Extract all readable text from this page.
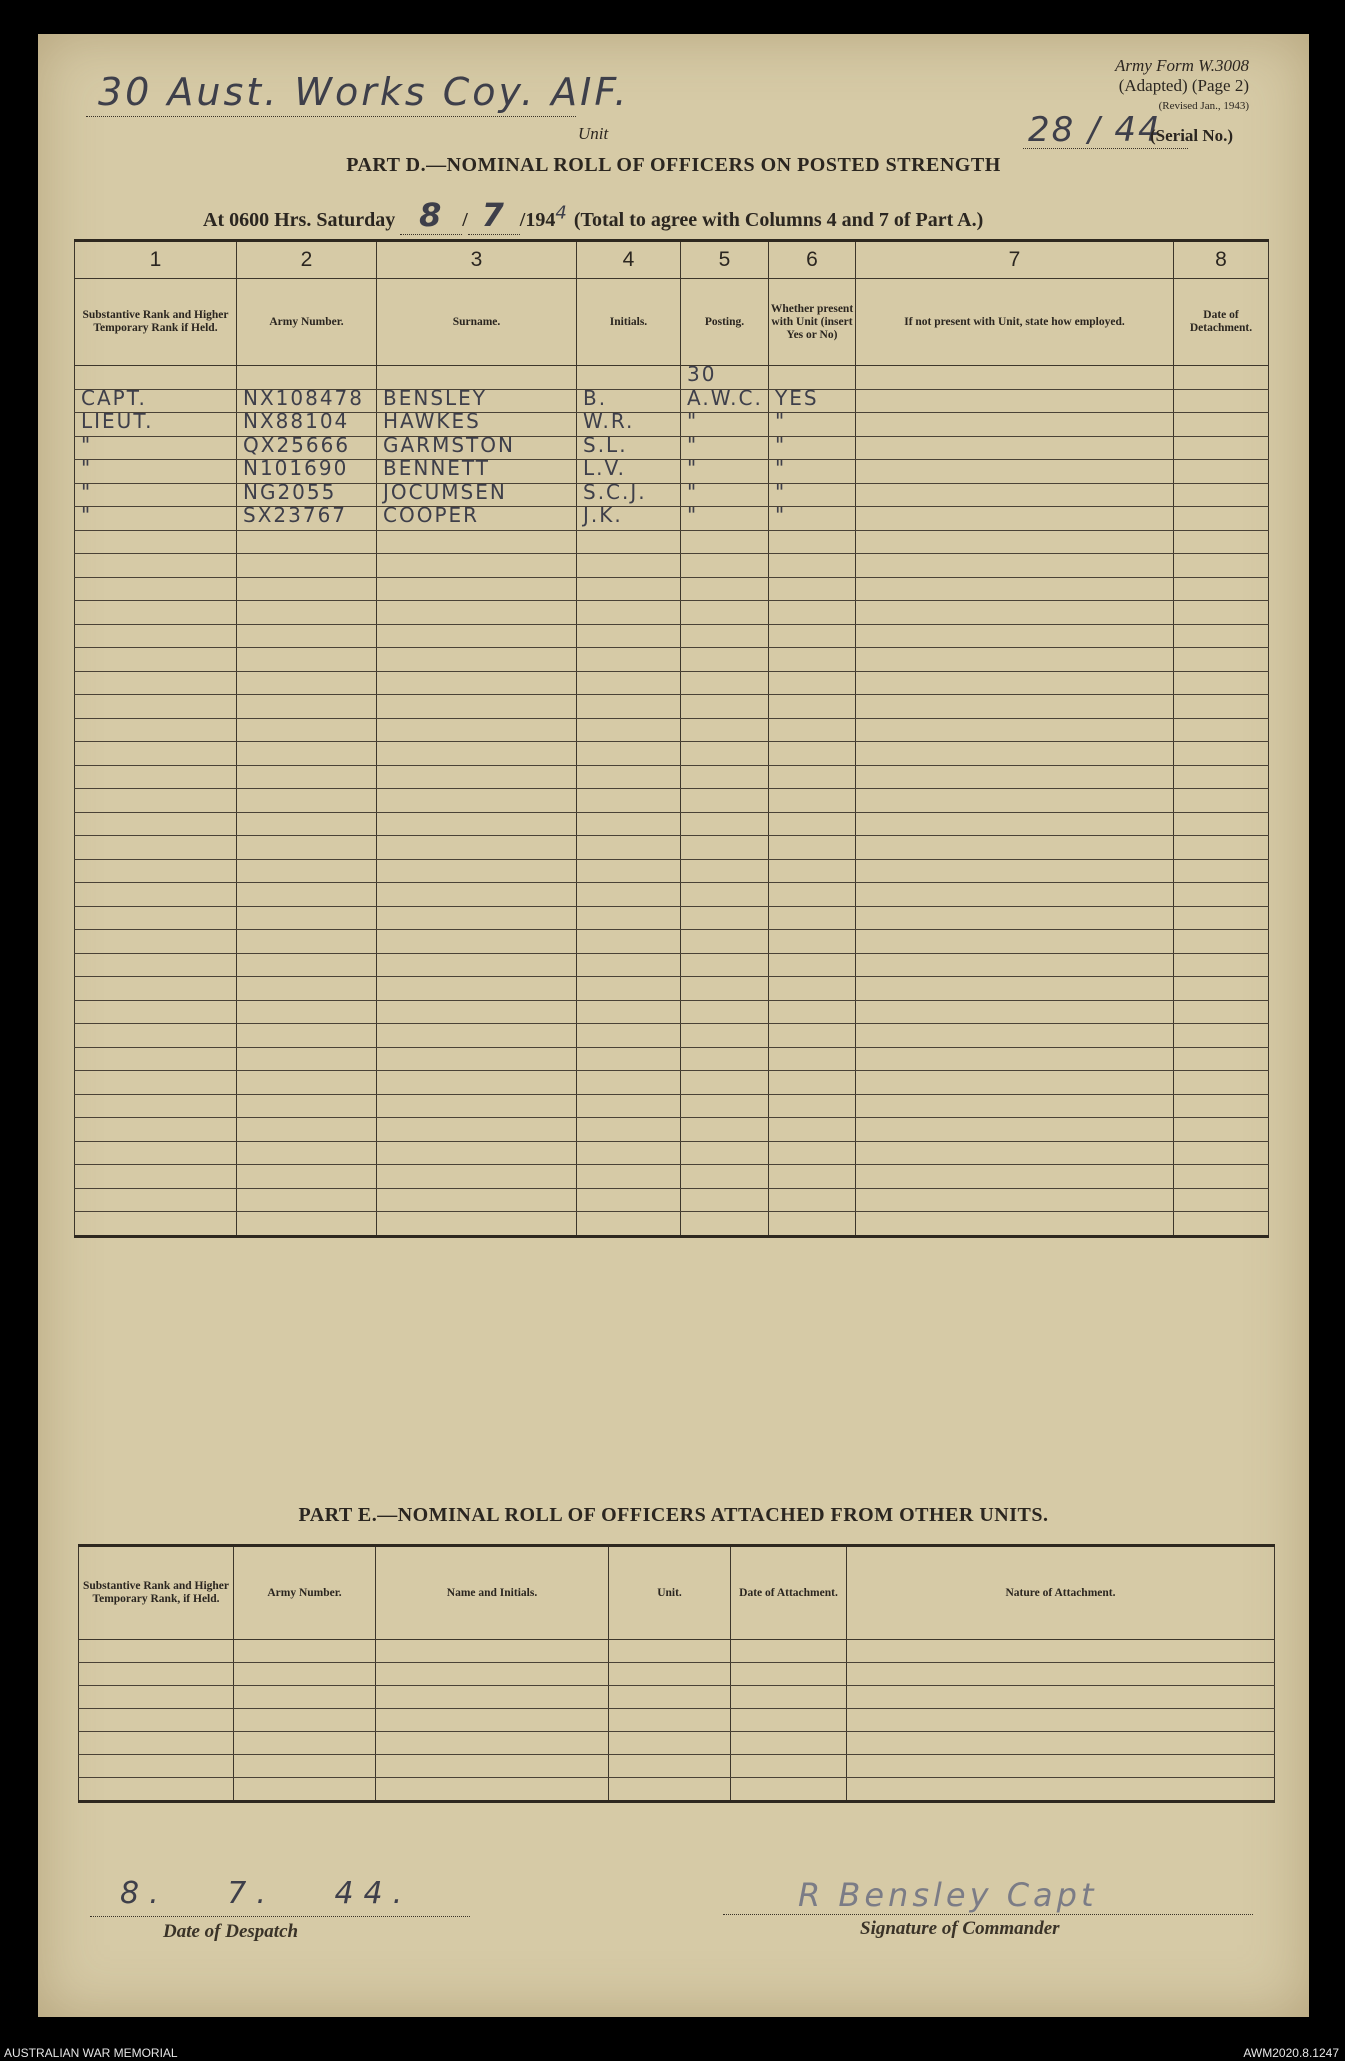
30 Aust. Works Coy. AIF.
Unit
Army Form W.3008
(Adapted) (Page 2)
(Revised Jan., 1943)
28 / 44
(Serial No.)
PART D.—NOMINAL ROLL OF OFFICERS ON POSTED STRENGTH
At 0600 Hrs. Saturday 8 / 7 $/194^4$ (Total to agree with Columns 4 and 7 of Part A.)
1	2	3	4	5	6	7	8
Substantive Rank and Higher Temporary Rank if Held.	Army Number.	Surname.	Initials.	Posting.	Whether present with Unit (insert Yes or No)	If not present with Unit, state how employed.	Date of Detachment.

				30			

CAPT.	NX108478	BENSLEY	B.	A.W.C.	YES		

LIEUT.	NX88104	HAWKES	W.R.	"	"		

"	QX25666	GARMSTON	S.L.	"	"		

"	N101690	BENNETT	L.V.	"	"		

"	NG2055	JOCUMSEN	S.C.J.	"	"		

"	SX23767	COOPER	J.K.	"	"		

PART E.—NOMINAL ROLL OF OFFICERS ATTACHED FROM OTHER UNITS.
Substantive Rank and Higher Temporary Rank, if Held.	Army Number.	Name and Initials.	Unit.	Date of Attachment.	Nature of Attachment.

8.   7.   44.
Date of Despatch
R Bensley Capt
Signature of Commander
AUSTRALIAN WAR MEMORIAL	AWM2020.8.1247
